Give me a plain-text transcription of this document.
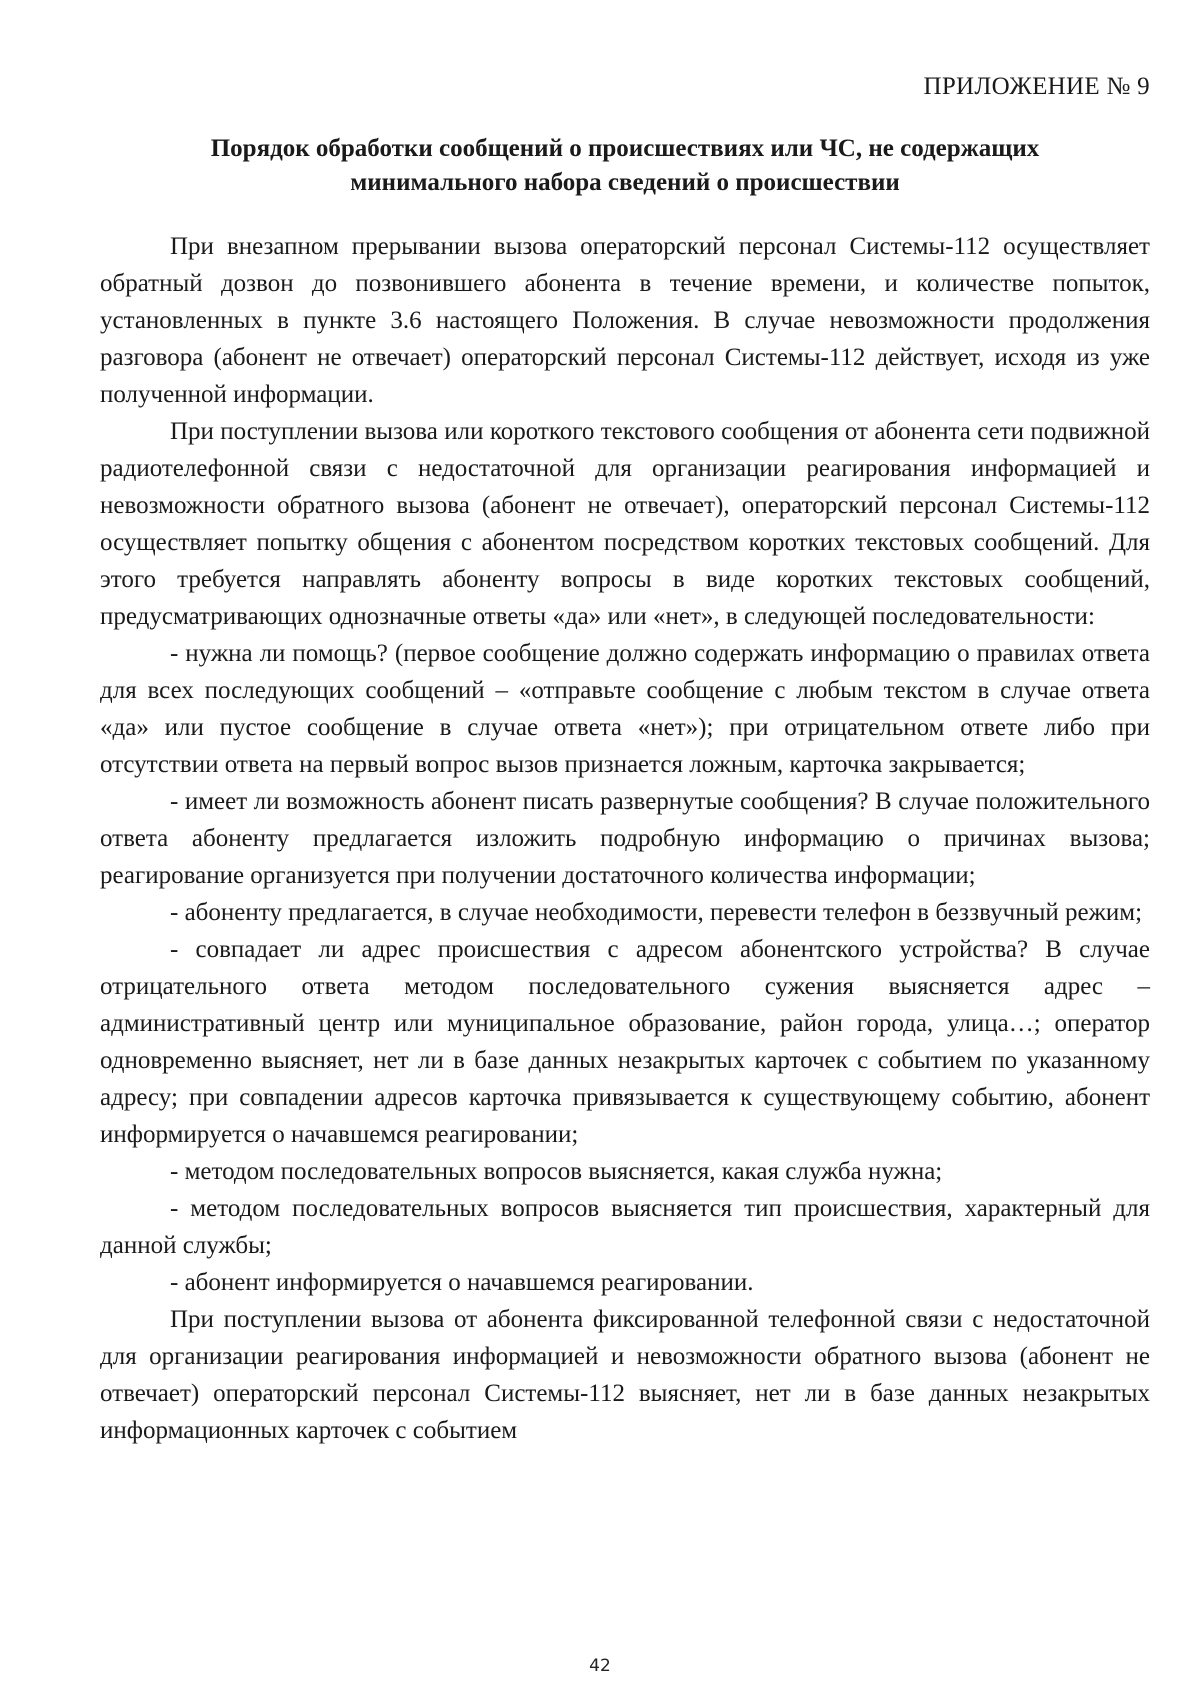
ПРИЛОЖЕНИЕ № 9
Порядок обработки сообщений о происшествиях или ЧС, не содержащих
минимального набора сведений о происшествии

При внезапном прерывании вызова операторский персонал Системы-112 осуществляет обратный дозвон до позвонившего абонента в течение времени, и количестве попыток, установленных в пункте 3.6 настоящего Положения. В случае невозможности продолжения разговора (абонент не отвечает) операторский персонал Системы-112 действует, исходя из уже полученной информации.

При поступлении вызова или короткого текстового сообщения от абонента сети подвижной радиотелефонной связи с недостаточной для организации реагирования информацией и невозможности обратного вызова (абонент не отвечает), операторский персонал Системы-112 осуществляет попытку общения с абонентом посредством коротких текстовых сообщений. Для этого требуется направлять абоненту вопросы в виде коротких текстовых сообщений, предусматривающих однозначные ответы «да» или «нет», в следующей последовательности:

- нужна ли помощь? (первое сообщение должно содержать информацию о правилах ответа для всех последующих сообщений – «отправьте сообщение с любым текстом в случае ответа «да» или пустое сообщение в случае ответа «нет»); при отрицательном ответе либо при отсутствии ответа на первый вопрос вызов признается ложным, карточка закрывается;

- имеет ли возможность абонент писать развернутые сообщения? В случае положительного ответа абоненту предлагается изложить подробную информацию о причинах вызова; реагирование организуется при получении достаточного количества информации;

- абоненту предлагается, в случае необходимости, перевести телефон в беззвучный режим;

- совпадает ли адрес происшествия с адресом абонентского устройства? В случае отрицательного ответа методом последовательного сужения выясняется адрес – административный центр или муниципальное образование, район города, улица…; оператор одновременно выясняет, нет ли в базе данных незакрытых карточек с событием по указанному адресу; при совпадении адресов карточка привязывается к существующему событию, абонент информируется о начавшемся реагировании;

- методом последовательных вопросов выясняется, какая служба нужна;

- методом последовательных вопросов выясняется тип происшествия, характерный для данной службы;

- абонент информируется о начавшемся реагировании.

При поступлении вызова от абонента фиксированной телефонной связи с недостаточной для организации реагирования информацией и невозможности обратного вызова (абонент не отвечает) операторский персонал Системы-112 выясняет, нет ли в базе данных незакрытых информационных карточек с событием

42
